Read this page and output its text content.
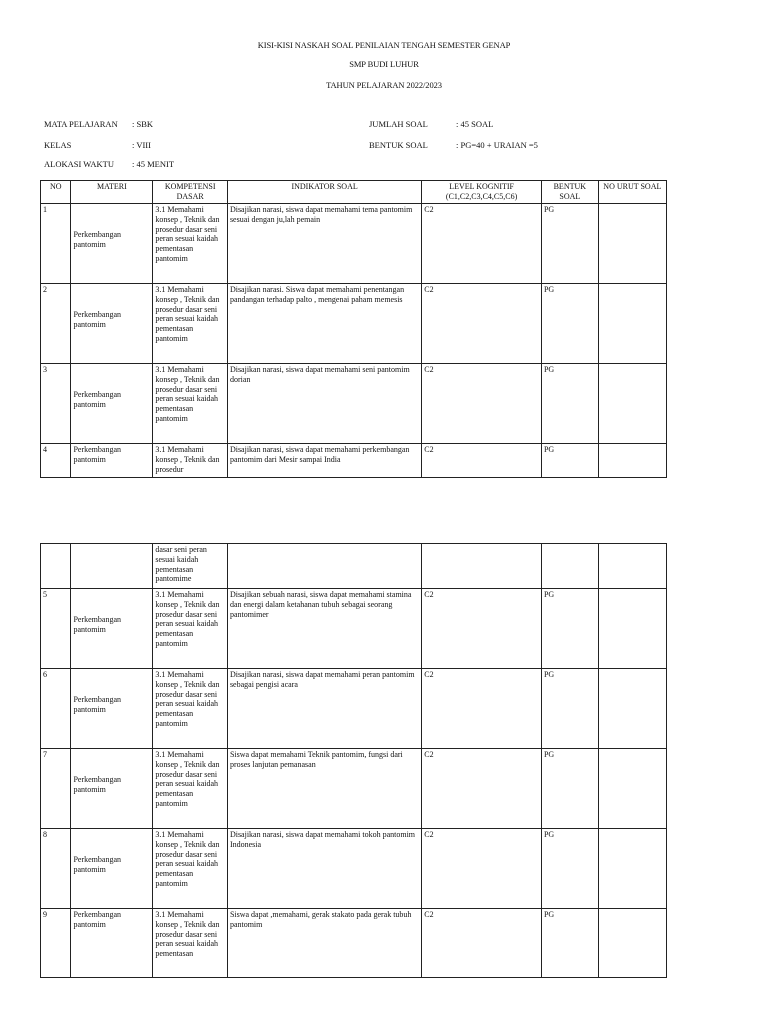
KISI-KISI NASKAH SOAL PENILAIAN TENGAH SEMESTER GENAP
SMP BUDI LUHUR
TAHUN PELAJARAN 2022/2023
MATA PELAJARAN : SBK
KELAS	: VIII
ALOKASI WAKTU : 45 MENIT
JUMLAH SOAL	: 45 SOAL
BENTUK SOAL	: PG=40 + URAIAN =5
NO	MATERI	KOMPETENSI DASAR	INDIKATOR SOAL	LEVEL KOGNITIF (C1,C2,C3,C4,C5,C6)	BENTUK SOAL	NO URUT SOAL
1	Perkembangan pantomim	3.1 Memahami konsep , Teknik dan prosedur dasar seni peran sesuai kaidah pementasan pantomim	Disajikan narasi, siswa dapat memahami tema pantomim sesuai dengan ju,lah pemain	C2	PG	
2	Perkembangan pantomim	3.1 Memahami konsep , Teknik dan prosedur dasar seni peran sesuai kaidah pementasan pantomim	Disajikan narasi. Siswa dapat memahami penentangan pandangan terhadap palto , mengenai paham memesis	C2	PG	
3	Perkembangan pantomim	3.1 Memahami konsep , Teknik dan prosedur dasar seni peran sesuai kaidah pementasan pantomim	Disajikan narasi, siswa dapat memahami seni pantomim dorian	C2	PG	
4	Perkembangan pantomim	3.1 Memahami konsep , Teknik dan prosedur	Disajikan narasi, siswa dapat memahami perkembangan pantomim dari Mesir sampai India	C2	PG	
		dasar seni peran sesuai kaidah pementasan pantomime				
5	Perkembangan pantomim	3.1 Memahami konsep , Teknik dan prosedur dasar seni peran sesuai kaidah pementasan pantomim	Disajikan sebuah narasi, siswa dapat memahami stamina dan energi dalam ketahanan tubuh sebagai seorang pantomimer	C2	PG	
6	Perkembangan pantomim	3.1 Memahami konsep , Teknik dan prosedur dasar seni peran sesuai kaidah pementasan pantomim	Disajikan narasi, siswa dapat memahami peran pantomim sebagai pengisi acara	C2	PG	
7	Perkembangan pantomim	3.1 Memahami konsep , Teknik dan prosedur dasar seni peran sesuai kaidah pementasan pantomim	Siswa dapat memahami Teknik pantomim, fungsi dari proses lanjutan pemanasan	C2	PG	
8	Perkembangan pantomim	3.1 Memahami konsep , Teknik dan prosedur dasar seni peran sesuai kaidah pementasan pantomim	Disajikan narasi, siswa dapat memahami tokoh pantomim Indonesia	C2	PG	
9	Perkembangan pantomim	3.1 Memahami konsep , Teknik dan prosedur dasar seni peran sesuai kaidah pementasan	Siswa dapat ,memahami, gerak stakato pada gerak tubuh pantomim	C2	PG	
